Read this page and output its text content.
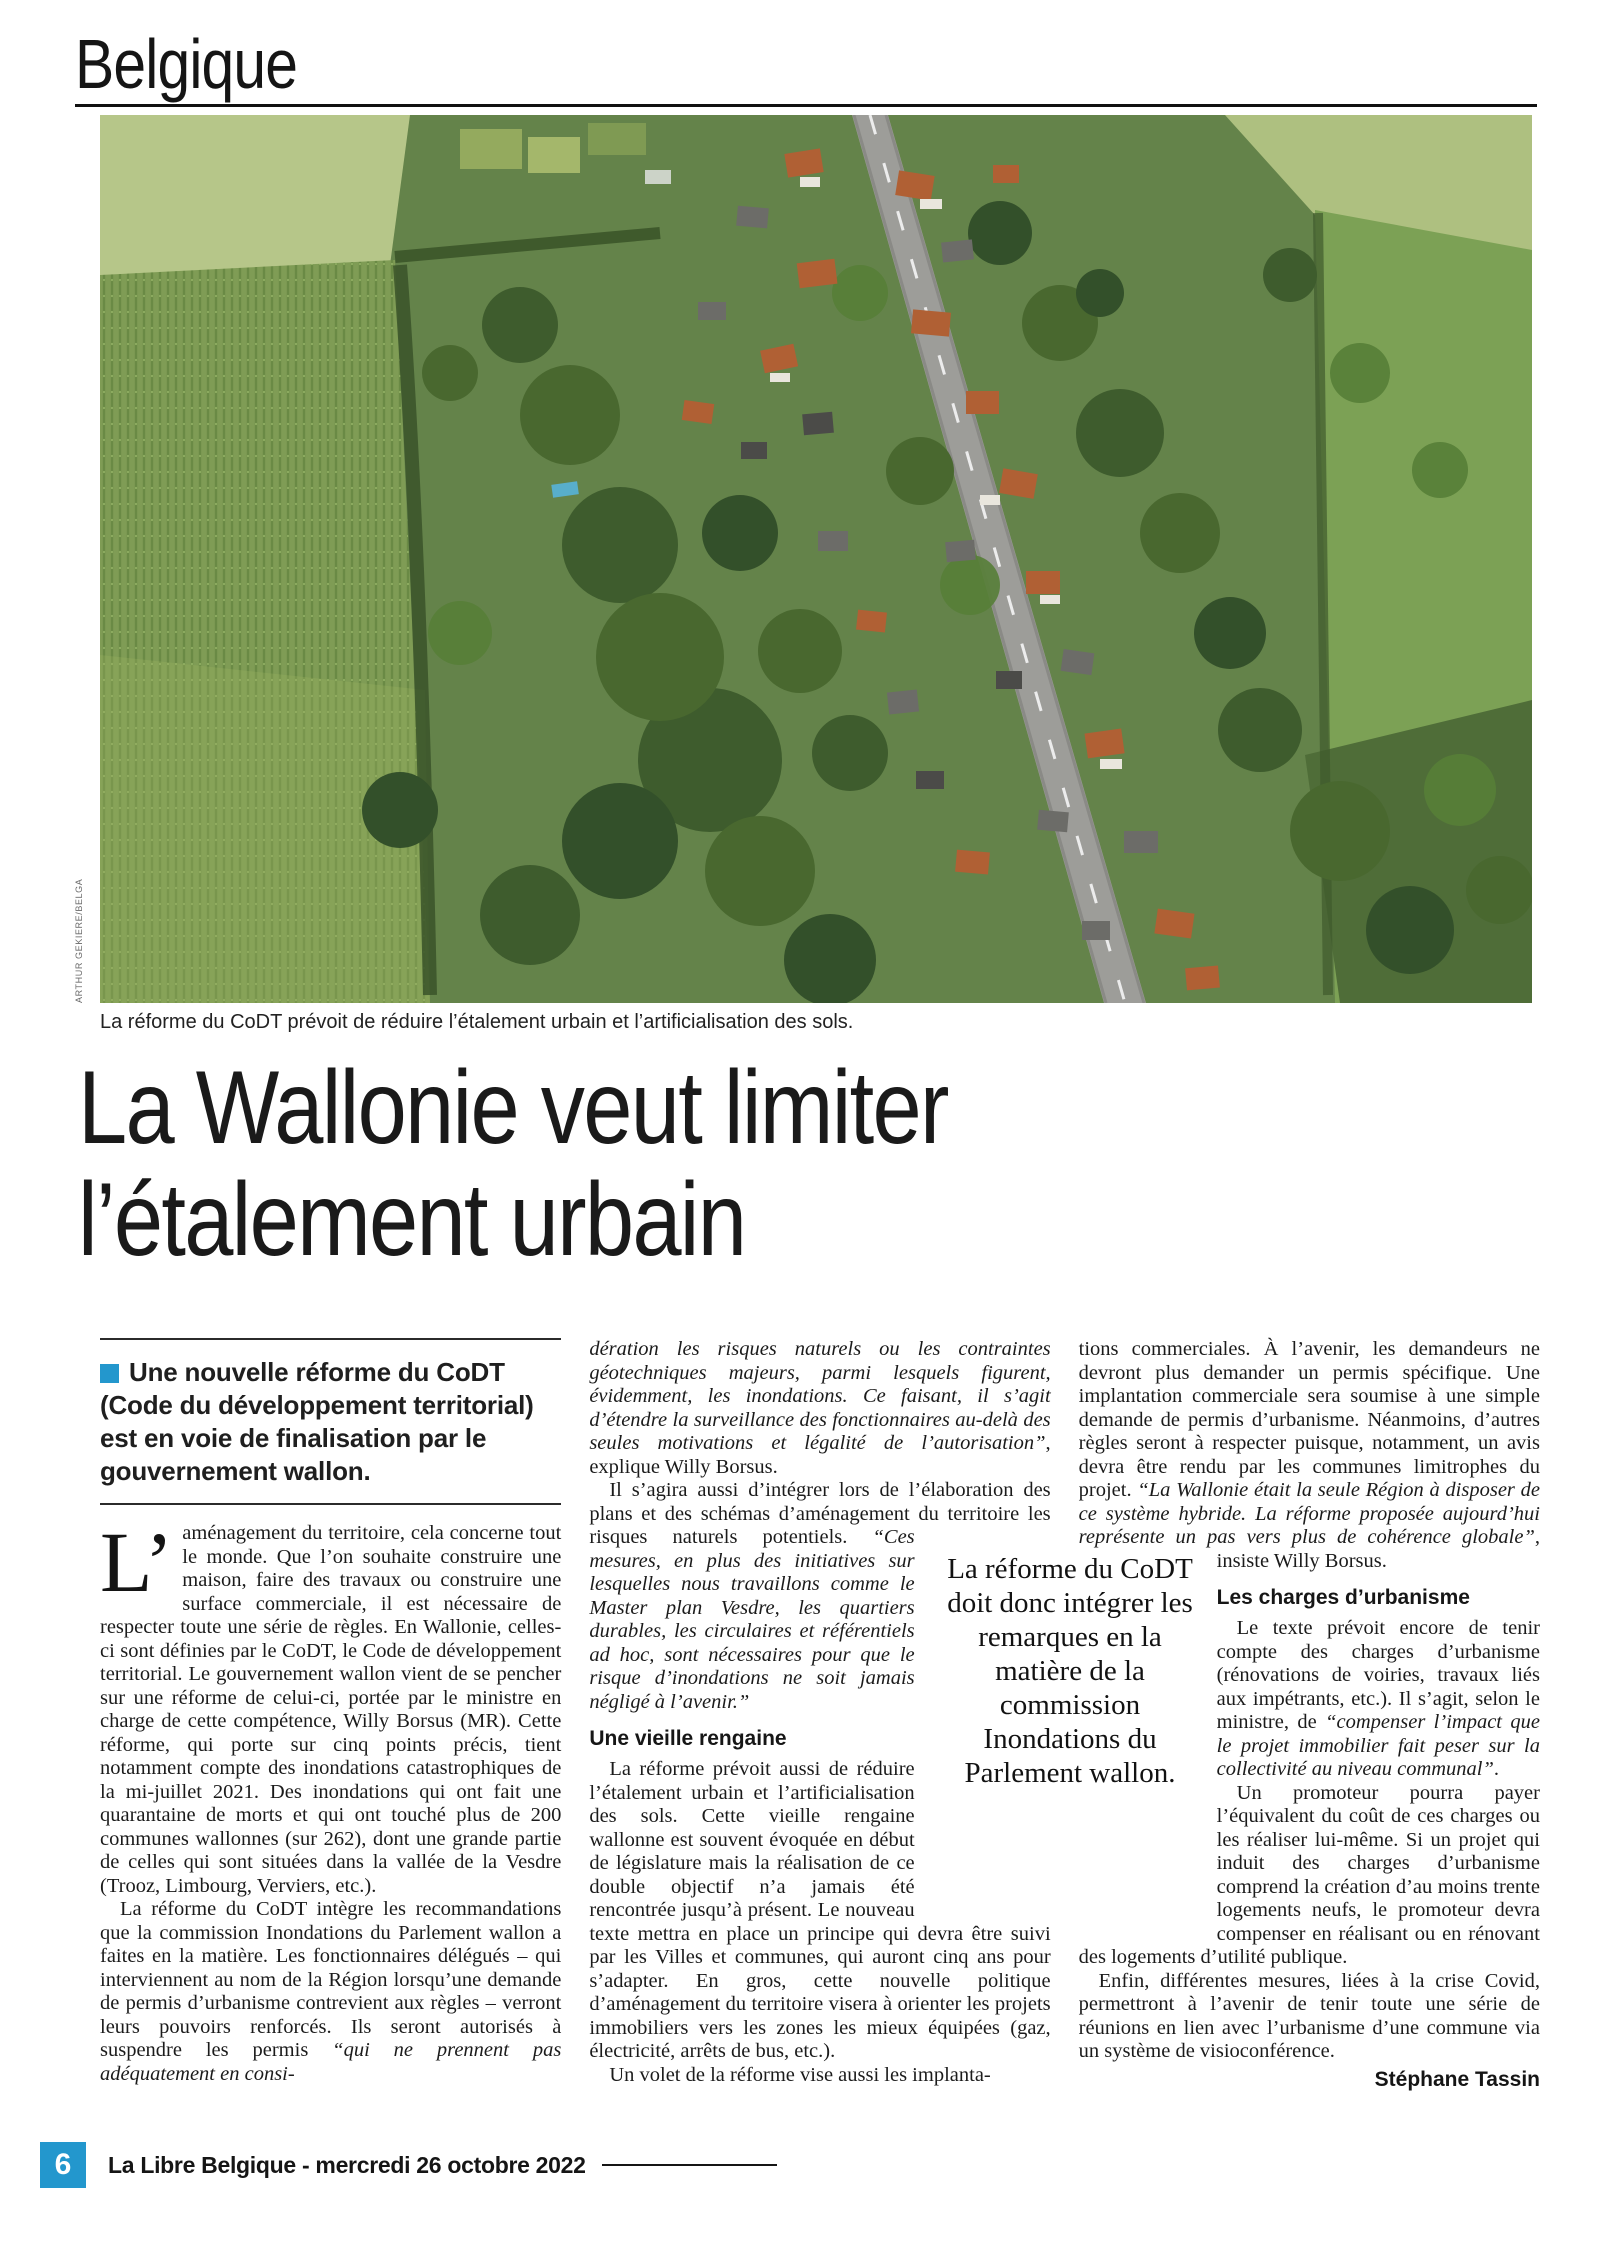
Belgique
ARTHUR GEKIERE/BELGA
La réforme du CoDT prévoit de réduire l’étalement urbain et l’artificialisation des sols.
La Wallonie veut limiter
l’étalement urbain
Une nouvelle réforme du CoDT (Code du développement territorial) est en voie de finalisation par le gouvernement wallon.

L’ aménagement du territoire, cela concerne tout le monde. Que l’on souhaite construire une maison, faire des travaux ou construire une surface commerciale, il est nécessaire de respecter toute une série de règles. En Wallonie, celles-ci sont définies par le CoDT, le Code de développement territorial. Le gouvernement wallon vient de se pencher sur une réforme de celui-ci, portée par le ministre en charge de cette compétence, Willy Borsus (MR). Cette réforme, qui porte sur cinq points précis, tient notamment compte des inondations catastrophiques de la mi-juillet 2021. Des inondations qui ont fait une quarantaine de morts et qui ont touché plus de 200 communes wallonnes (sur 262), dont une grande partie de celles qui sont situées dans la vallée de la Vesdre (Trooz, Limbourg, Verviers, etc.).

La réforme du CoDT intègre les recommandations que la commission Inondations du Parlement wallon a faites en la matière. Les fonctionnaires délégués – qui interviennent au nom de la Région lorsqu’une demande de permis d’urbanisme contrevient aux règles – verront leurs pouvoirs renforcés. Ils seront autorisés à suspendre les permis “qui ne prennent pas adéquatement en consi-

dération les risques naturels ou les contraintes géotechniques majeurs, parmi lesquels figurent, évidemment, les inondations. Ce faisant, il s’agit d’étendre la surveillance des fonctionnaires au-delà des seules motivations et légalité de l’autorisation”, explique Willy Borsus.

Il s’agira aussi d’intégrer lors de l’élaboration des plans et des schémas d’aménagement du territoire les risques naturels potentiels. “Ces mesures, en plus des initiatives sur lesquelles nous travaillons comme le Master plan Vesdre, les quartiers durables, les circulaires et référentiels ad hoc, sont nécessaires pour que le risque d’inondations ne soit jamais négligé à l’avenir.”

Une vieille rengaine

La réforme prévoit aussi de réduire l’étalement urbain et l’artificialisation des sols. Cette vieille rengaine wallonne est souvent évoquée en début de législature mais la réalisation de ce double objectif n’a jamais été rencontrée jusqu’à présent. Le nouveau texte mettra en place un principe qui devra être suivi par les Villes et communes, qui auront cinq ans pour s’adapter. En gros, cette nouvelle politique d’aménagement du territoire visera à orienter les projets immobiliers vers les zones les mieux équipées (gaz, électricité, arrêts de bus, etc.).

Un volet de la réforme vise aussi les implanta-

tions commerciales. À l’avenir, les demandeurs ne devront plus demander un permis spécifique. Une implantation commerciale sera soumise à une simple demande de permis d’urbanisme. Néanmoins, d’autres règles seront à respecter puisque, notamment, un avis devra être rendu par les communes limitrophes du projet. “La Wallonie était la seule Région à disposer de ce système hybride. La réforme proposée aujourd’hui représente un pas vers plus de cohérence globale”, insiste Willy Borsus.

Les charges d’urbanisme

Le texte prévoit encore de tenir compte des charges d’urbanisme (rénovations de voiries, travaux liés aux impétrants, etc.). Il s’agit, selon le ministre, de “compenser l’impact que le projet immobilier fait peser sur la collectivité au niveau communal”.

Un promoteur pourra payer l’équivalent du coût de ces charges ou les réaliser lui-même. Si un projet qui induit des charges d’urbanisme comprend la création d’au moins trente logements neufs, le promoteur devra compenser en réalisant ou en rénovant des logements d’utilité publique.

Enfin, différentes mesures, liées à la crise Covid, permettront à l’avenir de tenir toute une série de réunions en lien avec l’urbanisme d’une commune via un système de visioconférence.

Stéphane Tassin
La réforme du CoDT doit donc intégrer les remarques en la matière de la commission Inondations du Parlement wallon.
6	La Libre Belgique - mercredi 26 octobre 2022
